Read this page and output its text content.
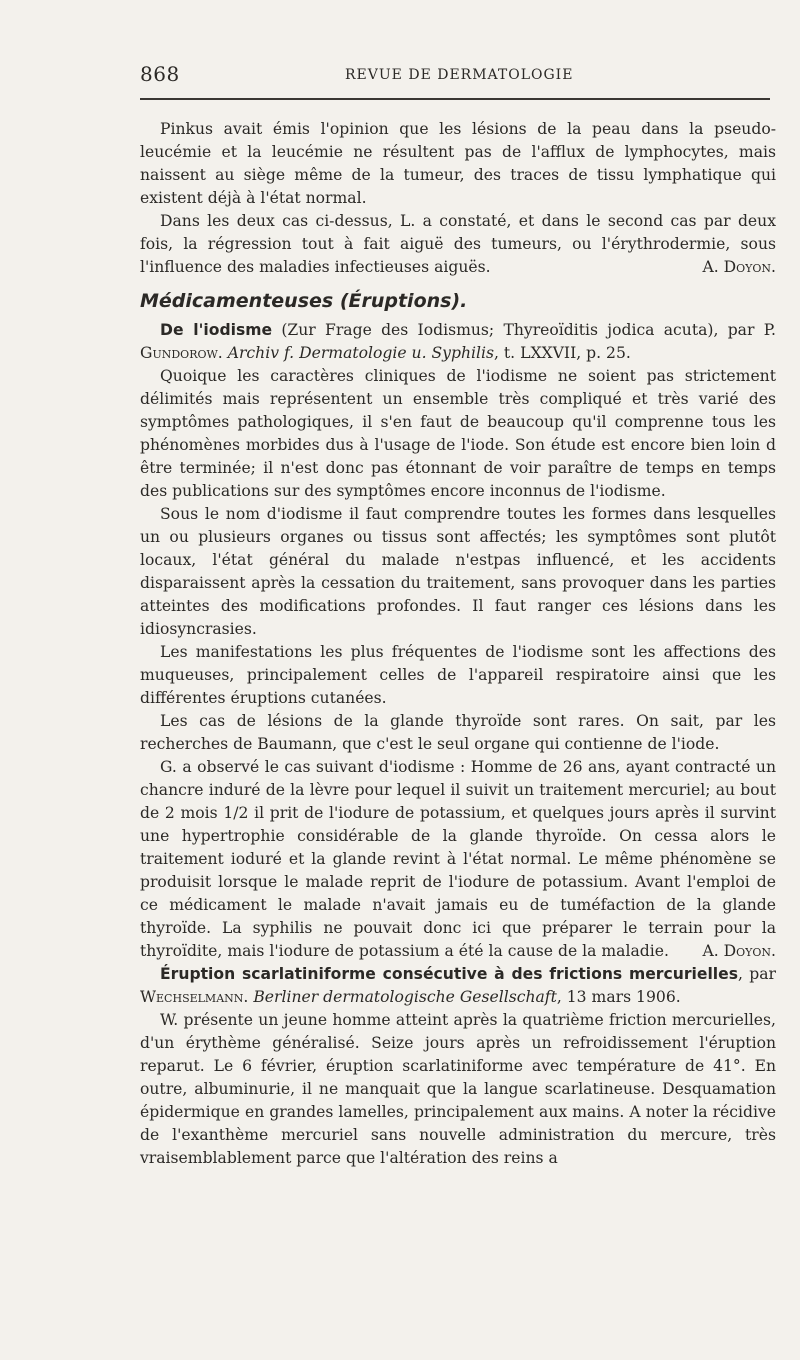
868	REVUE DE DERMATOLOGIE

Pinkus avait émis l'opinion que les lésions de la peau dans la pseudo-leucémie et la leucémie ne résultent pas de l'afflux de lymphocytes, mais naissent au siège même de la tumeur, des traces de tissu lymphatique qui existent déjà à l'état normal.

Dans les deux cas ci-dessus, L. a constaté, et dans le second cas par deux fois, la régression tout à fait aiguë des tumeurs, ou l'érythrodermie, sous l'influence des maladies infectieuses aiguës.	A. Doyon.

Médicamenteuses (Éruptions).

De l'iodisme (Zur Frage des Iodismus; Thyreoïditis jodica acuta), par P. Gundorow. Archiv f. Dermatologie u. Syphilis, t. LXXVII, p. 25.

Quoique les caractères cliniques de l'iodisme ne soient pas strictement délimités mais représentent un ensemble très compliqué et très varié des symptômes pathologiques, il s'en faut de beaucoup qu'il comprenne tous les phénomènes morbides dus à l'usage de l'iode. Son étude est encore bien loin d être terminée; il n'est donc pas étonnant de voir paraître de temps en temps des publications sur des symptômes encore inconnus de l'iodisme.

Sous le nom d'iodisme il faut comprendre toutes les formes dans lesquelles un ou plusieurs organes ou tissus sont affectés; les symptômes sont plutôt locaux, l'état général du malade n'estpas influencé, et les accidents disparaissent après la cessation du traitement, sans provoquer dans les parties atteintes des modifications profondes. Il faut ranger ces lésions dans les idiosyncrasies.

Les manifestations les plus fréquentes de l'iodisme sont les affections des muqueuses, principalement celles de l'appareil respiratoire ainsi que les différentes éruptions cutanées.

Les cas de lésions de la glande thyroïde sont rares. On sait, par les recherches de Baumann, que c'est le seul organe qui contienne de l'iode.

G. a observé le cas suivant d'iodisme : Homme de 26 ans, ayant contracté un chancre induré de la lèvre pour lequel il suivit un traitement mercuriel; au bout de 2 mois 1/2 il prit de l'iodure de potassium, et quelques jours après il survint une hypertrophie considérable de la glande thyroïde. On cessa alors le traitement ioduré et la glande revint à l'état normal. Le même phénomène se produisit lorsque le malade reprit de l'iodure de potassium. Avant l'emploi de ce médicament le malade n'avait jamais eu de tuméfaction de la glande thyroïde. La syphilis ne pouvait donc ici que préparer le terrain pour la thyroïdite, mais l'iodure de potassium a été la cause de la maladie.	A. Doyon.

Éruption scarlatiniforme consécutive à des frictions mercurielles, par Wechselmann. Berliner dermatologische Gesellschaft, 13 mars 1906.

W. présente un jeune homme atteint après la quatrième friction mercurielles, d'un érythème généralisé. Seize jours après un refroidissement l'éruption reparut. Le 6 février, éruption scarlatiniforme avec température de 41°. En outre, albuminurie, il ne manquait que la langue scarlatineuse. Desquamation épidermique en grandes lamelles, principalement aux mains. A noter la récidive de l'exanthème mercuriel sans nouvelle administration du mercure, très vraisemblablement parce que l'altération des reins a
